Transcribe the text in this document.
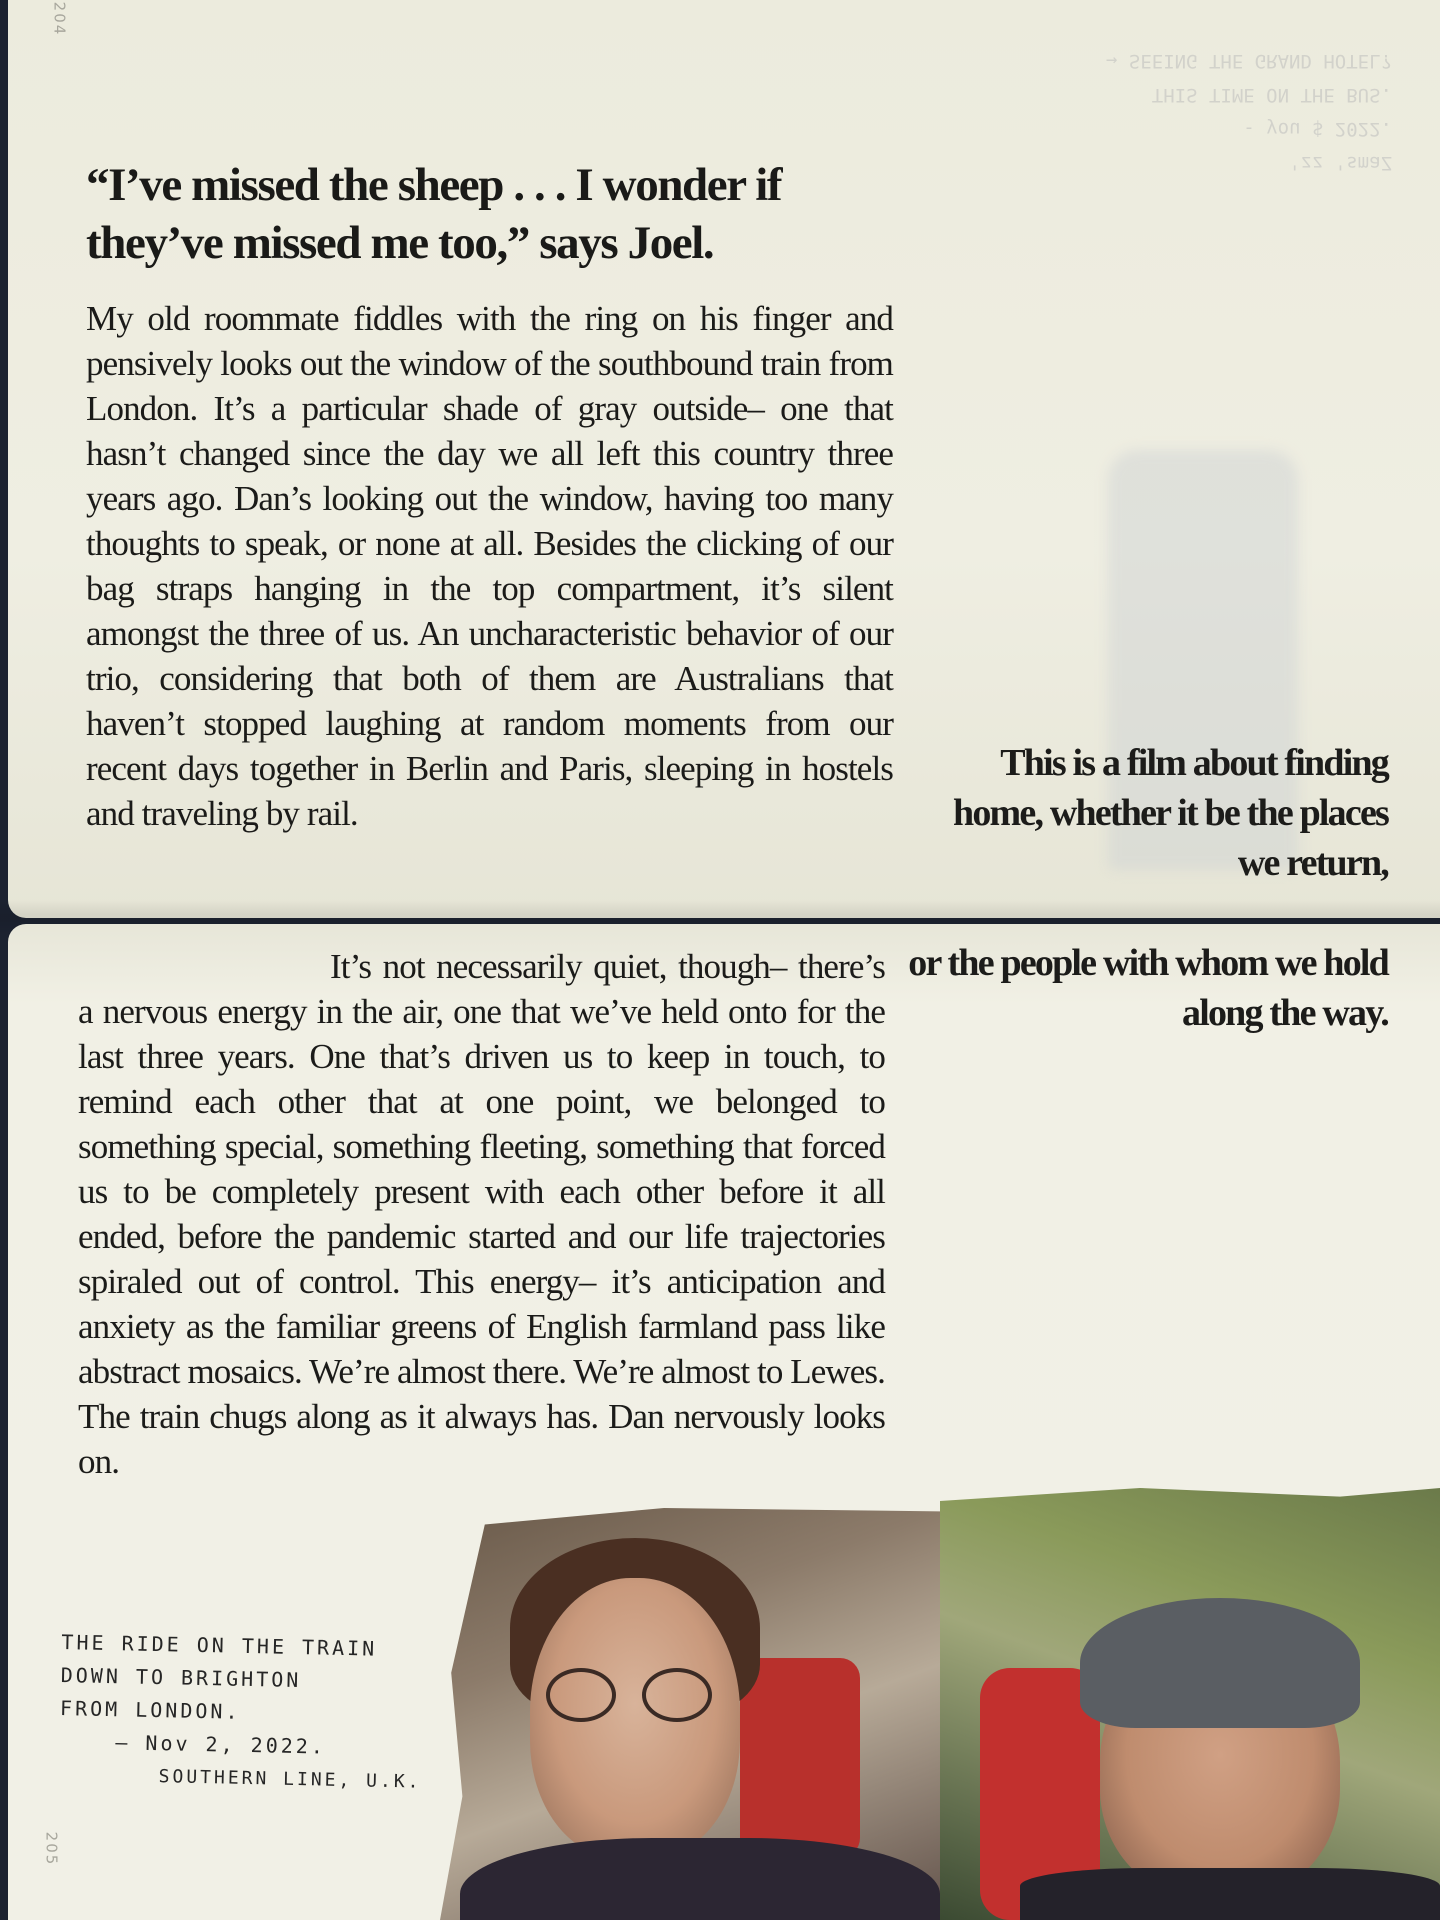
204
'zz 'smaZ
- you $ 2022.
THIS TIME ON THE BUS.
→ SEEING THE GRAND HOTEL?
“I’ve missed the sheep . . . I wonder if they’ve missed me too,” says Joel.

My old roommate fiddles with the ring on his finger and pensively looks out the window of the southbound train from London. It’s a particular shade of gray outside– one that hasn’t changed since the day we all left this country three years ago. Dan’s looking out the window, having too many thoughts to speak, or none at all. Besides the clicking of our bag straps hanging in the top compartment, it’s silent amongst the three of us. An uncharacteristic behavior of our trio, considering that both of them are Australians that haven’t stopped laughing at random moments from our recent days together in Berlin and Paris, sleeping in hostels and traveling by rail.

This is a film about finding home, whether it be the places we return,

It’s not necessarily quiet, though– there’s a nervous energy in the air, one that we’ve held onto for the last three years. One that’s driven us to keep in touch, to remind each other that at one point, we belonged to something special, something fleeting, something that forced us to be completely present with each other before it all ended, before the pandemic started and our life trajectories spiraled out of control. This energy– it’s anticipation and anxiety as the familiar greens of English farmland pass like abstract mosaics. We’re almost there. We’re almost to Lewes. The train chugs along as it always has. Dan nervously looks on.

or the people with whom we hold along the way.

THE RIDE ON THE TRAIN
DOWN TO BRIGHTON
FROM LONDON.
– Nov 2, 2022.
SOUTHERN LINE, U.K.
205
